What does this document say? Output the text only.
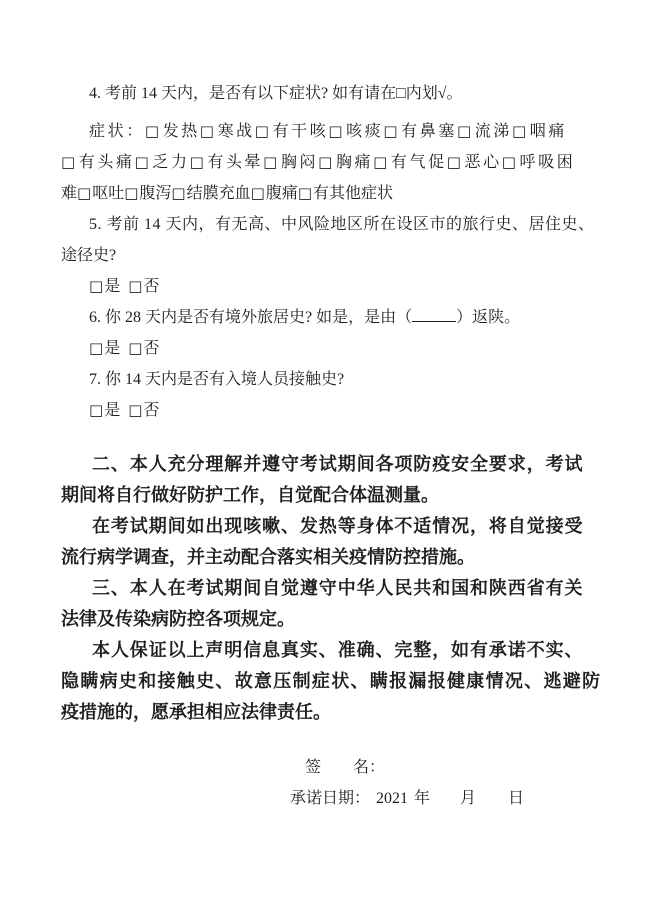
4. 考前 14 天内，是否有以下症状? 如有请在□内划√。
症状：□发热□寒战□有干咳□咳痰□有鼻塞□流涕□咽痛
□有头痛□乏力□有头晕□胸闷□胸痛□有气促□恶心□呼吸困
难□呕吐□腹泻□结膜充血□腹痛□有其他症状
5. 考前 14 天内，有无高、中风险地区所在设区市的旅行史、居住史、
途径史?
□是 □否
6. 你 28 天内是否有境外旅居史? 如是，是由（	）返陕。
□是 □否
7. 你 14 天内是否有入境人员接触史?
□是 □否
二、本人充分理解并遵守考试期间各项防疫安全要求，考试
期间将自行做好防护工作，自觉配合体温测量。
在考试期间如出现咳嗽、发热等身体不适情况，将自觉接受
流行病学调查，并主动配合落实相关疫情防控措施。
三、本人在考试期间自觉遵守中华人民共和国和陕西省有关
法律及传染病防控各项规定。
本人保证以上声明信息真实、准确、完整，如有承诺不实、
隐瞒病史和接触史、故意压制症状、瞒报漏报健康情况、逃避防
疫措施的，愿承担相应法律责任。
签　　名：
承诺日期： 2021 年 月 日
